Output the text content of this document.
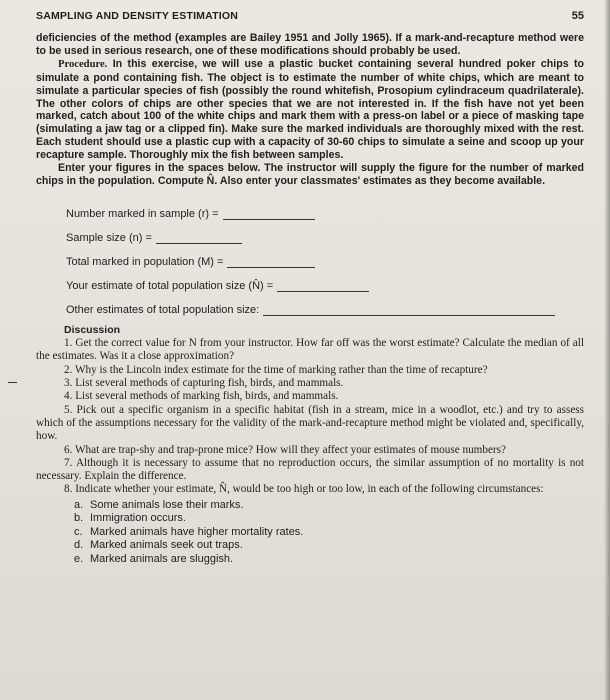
SAMPLING AND DENSITY ESTIMATION	55

deficiencies of the method (examples are Bailey 1951 and Jolly 1965). If a mark-and-recapture method were to be used in serious research, one of these modifications should probably be used.

Procedure. In this exercise, we will use a plastic bucket containing several hundred poker chips to simulate a pond containing fish. The object is to estimate the number of white chips, which are meant to simulate a particular species of fish (possibly the round whitefish, Prosopium cylindraceum quadrilaterale). The other colors of chips are other species that we are not interested in. If the fish have not yet been marked, catch about 100 of the white chips and mark them with a press-on label or a piece of masking tape (simulating a jaw tag or a clipped fin). Make sure the marked individuals are thoroughly mixed with the rest. Each student should use a plastic cup with a capacity of 30-60 chips to simulate a seine and scoop up your recapture sample. Thoroughly mix the fish between samples.

Enter your figures in the spaces below. The instructor will supply the figure for the number of marked chips in the population. Compute N̂. Also enter your classmates' estimates as they become available.

Number marked in sample (r) =
Sample size (n) =
Total marked in population (M) =
Your estimate of total population size (N̂) =
Other estimates of total population size:
Discussion

1. Get the correct value for N from your instructor. How far off was the worst estimate? Calculate the median of all the estimates. Was it a close approximation?

2. Why is the Lincoln index estimate for the time of marking rather than the time of recapture?

3. List several methods of capturing fish, birds, and mammals.

4. List several methods of marking fish, birds, and mammals.

5. Pick out a specific organism in a specific habitat (fish in a stream, mice in a woodlot, etc.) and try to assess which of the assumptions necessary for the validity of the mark-and-recapture method might be violated and, specifically, how.

6. What are trap-shy and trap-prone mice? How will they affect your estimates of mouse numbers?

7. Although it is necessary to assume that no reproduction occurs, the similar assumption of no mortality is not necessary. Explain the difference.

8. Indicate whether your estimate, N̂, would be too high or too low, in each of the following circumstances:

a. Some animals lose their marks.
b. Immigration occurs.
c. Marked animals have higher mortality rates.
d. Marked animals seek out traps.
e. Marked animals are sluggish.
